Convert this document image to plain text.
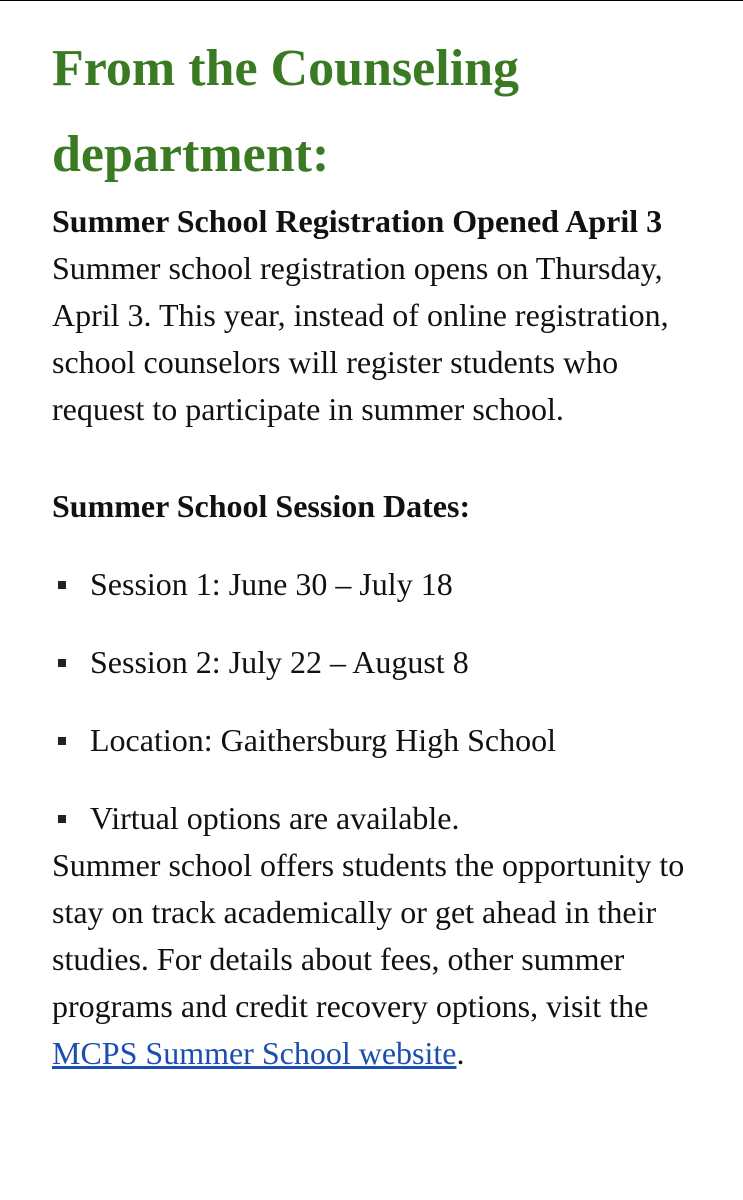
From the Counseling department:
Summer School Registration Opened April 3

Summer school registration opens on Thursday, April 3. This year, instead of online registration, school counselors will register students who request to participate in summer school.

Summer School Session Dates:
Session 1: June 30 – July 18
Session 2: July 22 – August 8
Location: Gaithersburg High School
Virtual options are available.

Summer school offers students the opportunity to stay on track academically or get ahead in their studies. For details about fees, other summer programs and credit recovery options, visit the MCPS Summer School website.
